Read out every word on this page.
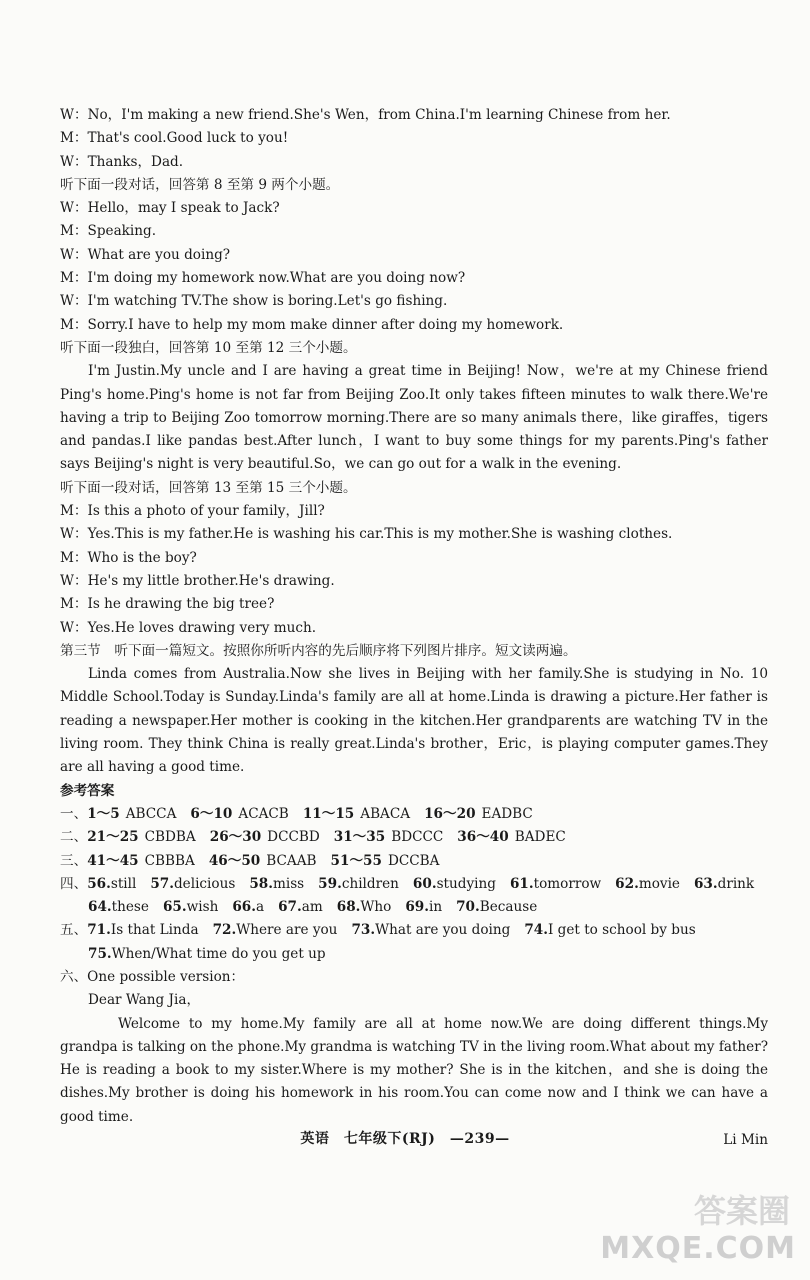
W：No，I'm making a new friend.She's Wen，from China.I'm learning Chinese from her.
M：That's cool.Good luck to you!
W：Thanks，Dad.
听下面一段对话，回答第 8 至第 9 两个小题。
W：Hello，may I speak to Jack?
M：Speaking.
W：What are you doing?
M：I'm doing my homework now.What are you doing now?
W：I'm watching TV.The show is boring.Let's go fishing.
M：Sorry.I have to help my mom make dinner after doing my homework.
听下面一段独白，回答第 10 至第 12 三个小题。
I'm Justin.My uncle and I are having a great time in Beijing! Now，we're at my Chinese friend Ping's home.Ping's home is not far from Beijing Zoo.It only takes fifteen minutes to walk there.We're having a trip to Beijing Zoo tomorrow morning.There are so many animals there，like giraffes，tigers and pandas.I like pandas best.After lunch，I want to buy some things for my parents.Ping's father says Beijing's night is very beautiful.So，we can go out for a walk in the evening.
听下面一段对话，回答第 13 至第 15 三个小题。
M：Is this a photo of your family，Jill?
W：Yes.This is my father.He is washing his car.This is my mother.She is washing clothes.
M：Who is the boy?
W：He's my little brother.He's drawing.
M：Is he drawing the big tree?
W：Yes.He loves drawing very much.
第三节　听下面一篇短文。按照你所听内容的先后顺序将下列图片排序。短文读两遍。
Linda comes from Australia.Now she lives in Beijing with her family.She is studying in No. 10 Middle School.Today is Sunday.Linda's family are all at home.Linda is drawing a picture.Her father is reading a newspaper.Her mother is cooking in the kitchen.Her grandparents are watching TV in the living room. They think China is really great.Linda's brother，Eric，is playing computer games.They are all having a good time.
参考答案
一、1～5 ABCCA 6～10 ACACB 11～15 ABACA 16～20 EADBC
二、21～25 CBDBA 26～30 DCCBD 31～35 BDCCC 36～40 BADEC
三、41～45 CBBBA 46～50 BCAAB 51～55 DCCBA
四、56.still 57.delicious 58.miss 59.children 60.studying 61.tomorrow 62.movie 63.drink
64.these 65.wish 66.a 67.am 68.Who 69.in 70.Because
五、71.Is that Linda 72.Where are you 73.What are you doing 74.I get to school by bus
75.When/What time do you get up
六、One possible version：
Dear Wang Jia，
Welcome to my home.My family are all at home now.We are doing different things.My grandpa is talking on the phone.My grandma is watching TV in the living room.What about my father? He is reading a book to my sister.Where is my mother? She is in the kitchen，and she is doing the dishes.My brother is doing his homework in his room.You can come now and I think we can have a good time.
Li Min
英语　七年级下(RJ)　—239—
答案圈
MXQE.COM
